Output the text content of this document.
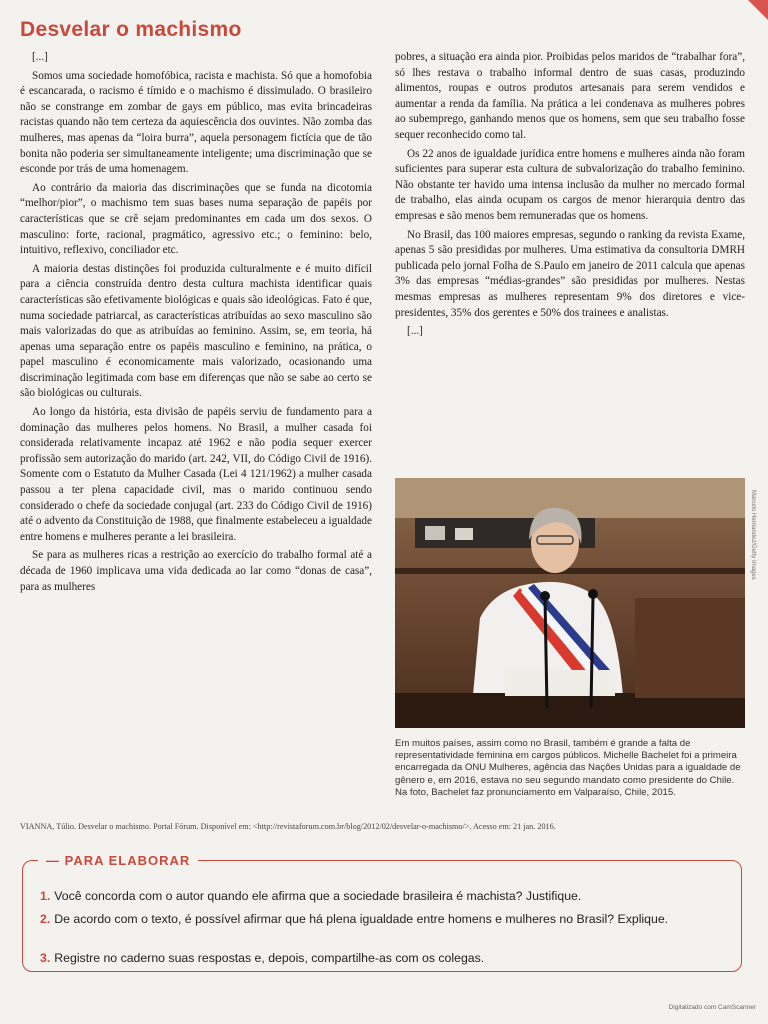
Desvelar o machismo

[...]

Somos uma sociedade homofóbica, racista e machista. Só que a homofobia é escancarada, o racismo é tímido e o machismo é dissimulado. O brasileiro não se constrange em zombar de gays em público, mas evita brincadeiras racistas quando não tem certeza da aquiescência dos ouvintes. Não zomba das mulheres, mas apenas da “loira burra”, aquela personagem fictícia que de tão bonita não poderia ser simultaneamente inteligente; uma discriminação que se esconde por trás de uma homenagem.

Ao contrário da maioria das discriminações que se funda na dicotomia “melhor/pior”, o machismo tem suas bases numa separação de papéis por características que se crê sejam predominantes em cada um dos sexos. O masculino: forte, racional, pragmático, agressivo etc.; o feminino: belo, intuitivo, reflexivo, conciliador etc.

A maioria destas distinções foi produzida culturalmente e é muito difícil para a ciência construída dentro desta cultura machista identificar quais características são efetivamente biológicas e quais são ideológicas. Fato é que, numa sociedade patriarcal, as características atribuídas ao sexo masculino são mais valorizadas do que as atribuídas ao feminino. Assim, se, em teoria, há apenas uma separação entre os papéis masculino e feminino, na prática, o papel masculino é economicamente mais valorizado, ocasionando uma discriminação legitimada com base em diferenças que não se sabe ao certo se são biológicas ou culturais.

Ao longo da história, esta divisão de papéis serviu de fundamento para a dominação das mulheres pelos homens. No Brasil, a mulher casada foi considerada relativamente incapaz até 1962 e não podia sequer exercer profissão sem autorização do marido (art. 242, VII, do Código Civil de 1916). Somente com o Estatuto da Mulher Casada (Lei 4 121/1962) a mulher casada passou a ter plena capacidade civil, mas o marido continuou sendo considerado o chefe da sociedade conjugal (art. 233 do Código Civil de 1916) até o advento da Constituição de 1988, que finalmente estabeleceu a igualdade entre homens e mulheres perante a lei brasileira.

Se para as mulheres ricas a restrição ao exercício do trabalho formal até a década de 1960 implicava uma vida dedicada ao lar como “donas de casa”, para as mulheres

pobres, a situação era ainda pior. Proibidas pelos maridos de “trabalhar fora”, só lhes restava o trabalho informal dentro de suas casas, produzindo alimentos, roupas e outros produtos artesanais para serem vendidos e aumentar a renda da família. Na prática a lei condenava as mulheres pobres ao subemprego, ganhando menos que os homens, sem que seu trabalho fosse sequer reconhecido como tal.

Os 22 anos de igualdade jurídica entre homens e mulheres ainda não foram suficientes para superar esta cultura de subvalorização do trabalho feminino. Não obstante ter havido uma intensa inclusão da mulher no mercado formal de trabalho, elas ainda ocupam os cargos de menor hierarquia dentro das empresas e são menos bem remuneradas que os homens.

No Brasil, das 100 maiores empresas, segundo o ranking da revista Exame, apenas 5 são presididas por mulheres. Uma estimativa da consultoria DMRH publicada pelo jornal Folha de S.Paulo em janeiro de 2011 calcula que apenas 3% das empresas “médias-grandes” são presididas por mulheres. Nestas mesmas empresas as mulheres representam 9% dos diretores e vice-presidentes, 35% dos gerentes e 50% dos trainees e analistas.

[...]

Marcelo Hernandez/Getty Images
Em muitos países, assim como no Brasil, também é grande a falta de representatividade feminina em cargos públicos. Michelle Bachelet foi a primeira encarregada da ONU Mulheres, agência das Nações Unidas para a igualdade de gênero e, em 2016, estava no seu segundo mandato como presidente do Chile. Na foto, Bachelet faz pronunciamento em Valparaíso, Chile, 2015.
VIANNA, Túlio. Desvelar o machismo. Portal Fórum. Disponível em: <http://revistaforum.com.br/blog/2012/02/desvelar-o-machismo/>. Acesso em: 21 jan. 2016.
— PARA ELABORAR
1. Você concorda com o autor quando ele afirma que a sociedade brasileira é machista? Justifique.
2. De acordo com o texto, é possível afirmar que há plena igualdade entre homens e mulheres no Brasil? Explique.
3. Registre no caderno suas respostas e, depois, compartilhe-as com os colegas.
Digitalizado com CamScanner
